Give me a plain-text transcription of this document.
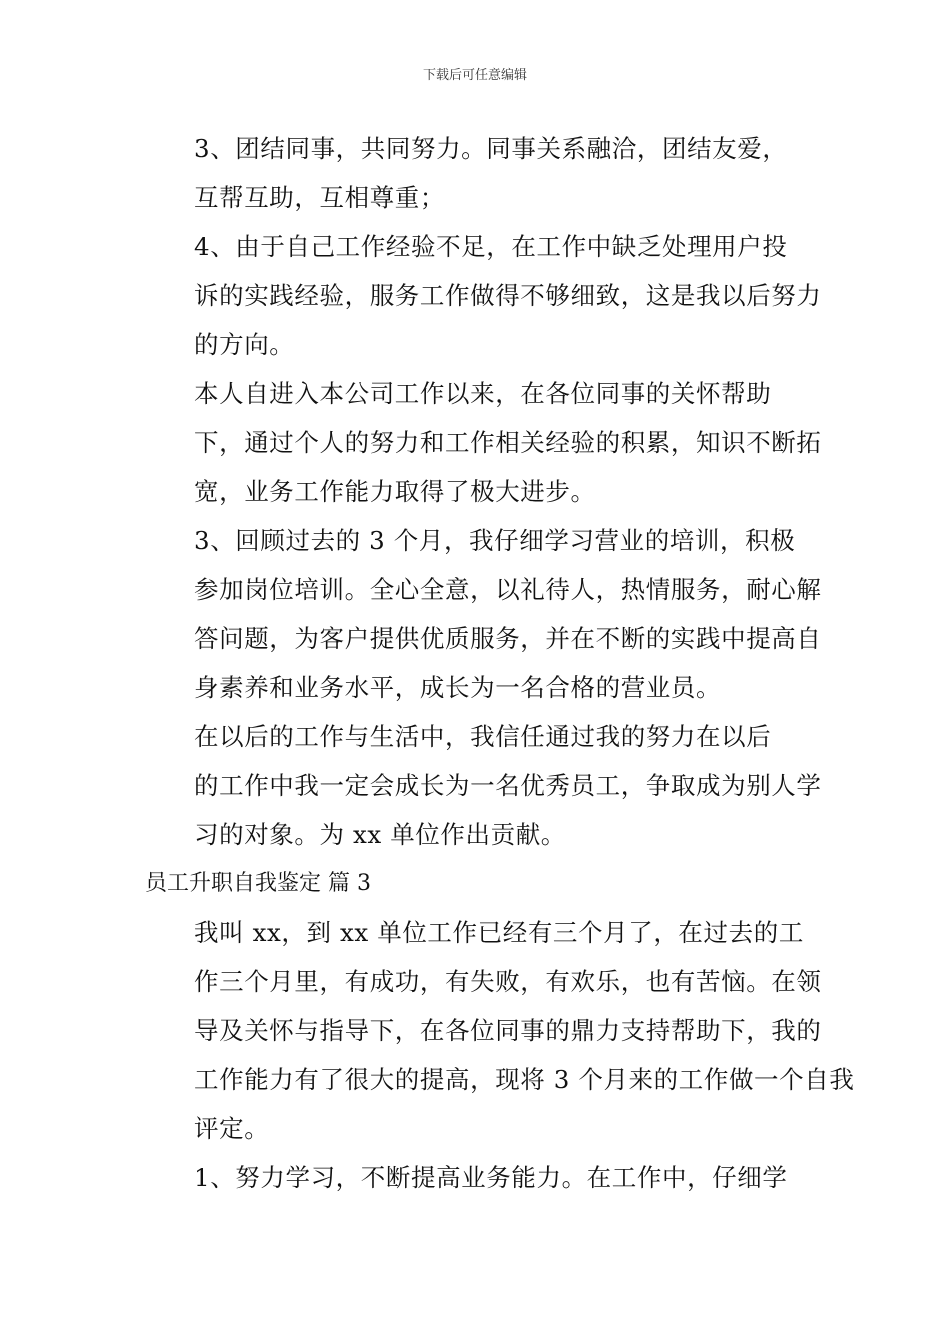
下载后可任意编辑

3、团结同事，共同努力。同事关系融洽，团结友爱，
互帮互助，互相尊重；

4、由于自己工作经验不足，在工作中缺乏处理用户投
诉的实践经验，服务工作做得不够细致，这是我以后努力
的方向。

本人自进入本公司工作以来，在各位同事的关怀帮助
下，通过个人的努力和工作相关经验的积累，知识不断拓
宽，业务工作能力取得了极大进步。

3、回顾过去的 3 个月，我仔细学习营业的培训，积极
参加岗位培训。全心全意，以礼待人，热情服务，耐心解
答问题，为客户提供优质服务，并在不断的实践中提高自
身素养和业务水平，成长为一名合格的营业员。

在以后的工作与生活中，我信任通过我的努力在以后
的工作中我一定会成长为一名优秀员工，争取成为别人学
习的对象。为 xx 单位作出贡献。

员工升职自我鉴定 篇 3

我叫 xx，到 xx 单位工作已经有三个月了，在过去的工
作三个月里，有成功，有失败，有欢乐，也有苦恼。在领
导及关怀与指导下，在各位同事的鼎力支持帮助下，我的
工作能力有了很大的提高，现将 3 个月来的工作做一个自我
评定。

1、努力学习，不断提高业务能力。在工作中，仔细学
